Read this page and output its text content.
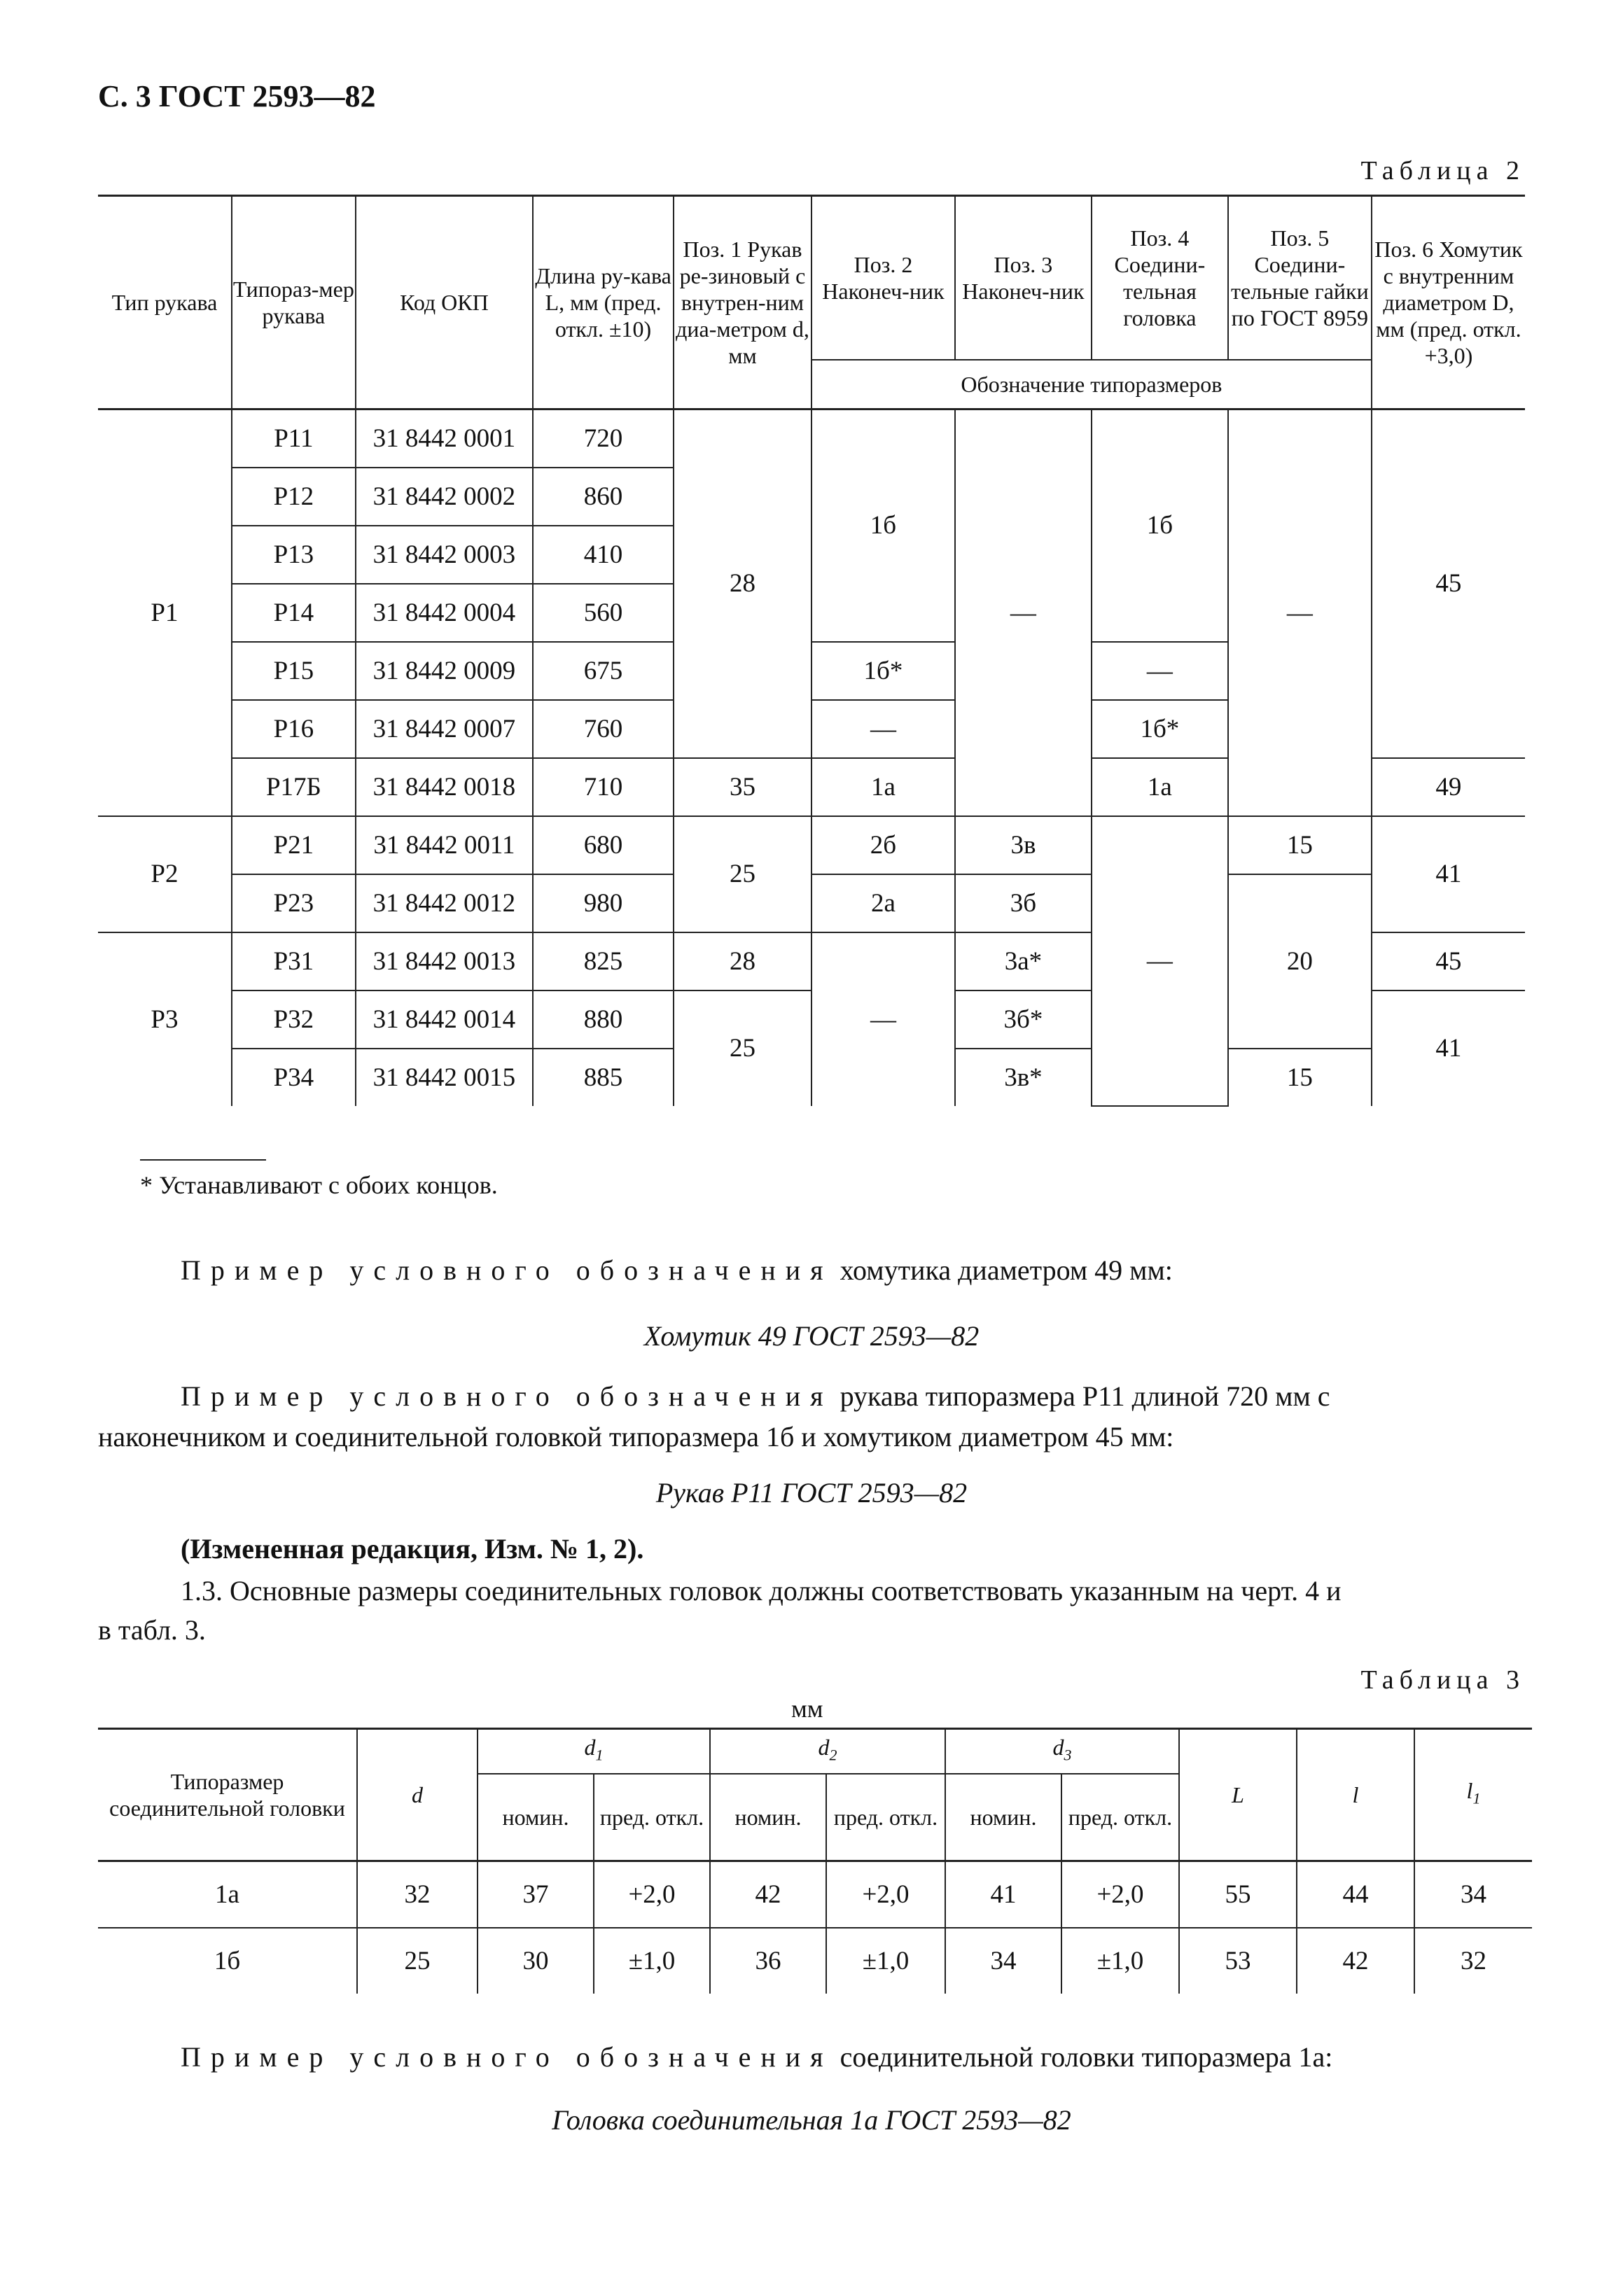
С. 3 ГОСТ 2593—82
Таблица 2
Тип рукава	Типораз-мер рукава	Код ОКП	Длина ру-кава L, мм (пред. откл. ±10)	Поз. 1 Рукав ре-зиновый с внутрен-ним диа-метром d, мм	Поз. 2 Наконеч-ник	Поз. 3 Наконеч-ник	Поз. 4 Соедини-тельная головка	Поз. 5 Соедини-тельные гайки по ГОСТ 8959	Поз. 6 Хомутик с внутренним диаметром D, мм (пред. откл. +3,0)
					Обозначение типоразмеров				
Р1	Р11	31 8442 0001	720	28	1б	—	1б	—	45
	Р12	31 8442 0002	860						
	Р13	31 8442 0003	410						
	Р14	31 8442 0004	560						
	Р15	31 8442 0009	675		1б*		—		
	Р16	31 8442 0007	760		—		1б*		
	Р17Б	31 8442 0018	710	35	1а		1а		49
Р2	Р21	31 8442 0011	680	25	2б	3в	—	15	41
	Р23	31 8442 0012	980		2а	3б		20	
Р3	Р31	31 8442 0013	825	28	—	3а*			45
	Р32	31 8442 0014	880	25		3б*			41
	Р34	31 8442 0015	885			3в*		15	
* Устанавливают с обоих концов.
Пример условного обозначения хомутика диаметром 49 мм:
Хомутик 49 ГОСТ 2593—82
Пример условного обозначения рукава типоразмера Р11 длиной 720 мм с
наконечником и соединительной головкой типоразмера 1б и хомутиком диаметром 45 мм:
Рукав Р11 ГОСТ 2593—82
(Измененная редакция, Изм. № 1, 2).
1.3. Основные размеры соединительных головок должны соответствовать указанным на черт. 4 и
в табл. 3.
Таблица 3
мм
Типоразмер соединительной головки	d	$d_1$		$d_2$		$d_3$		L	l	$l_1$
		номин.	пред. откл.	номин.	пред. откл.	номин.	пред. откл.			
1а	32	37	+2,0	42	+2,0	41	+2,0	55	44	34
1б	25	30	±1,0	36	±1,0	34	±1,0	53	42	32
Пример условного обозначения соединительной головки типоразмера 1а:
Головка соединительная 1а ГОСТ 2593—82
